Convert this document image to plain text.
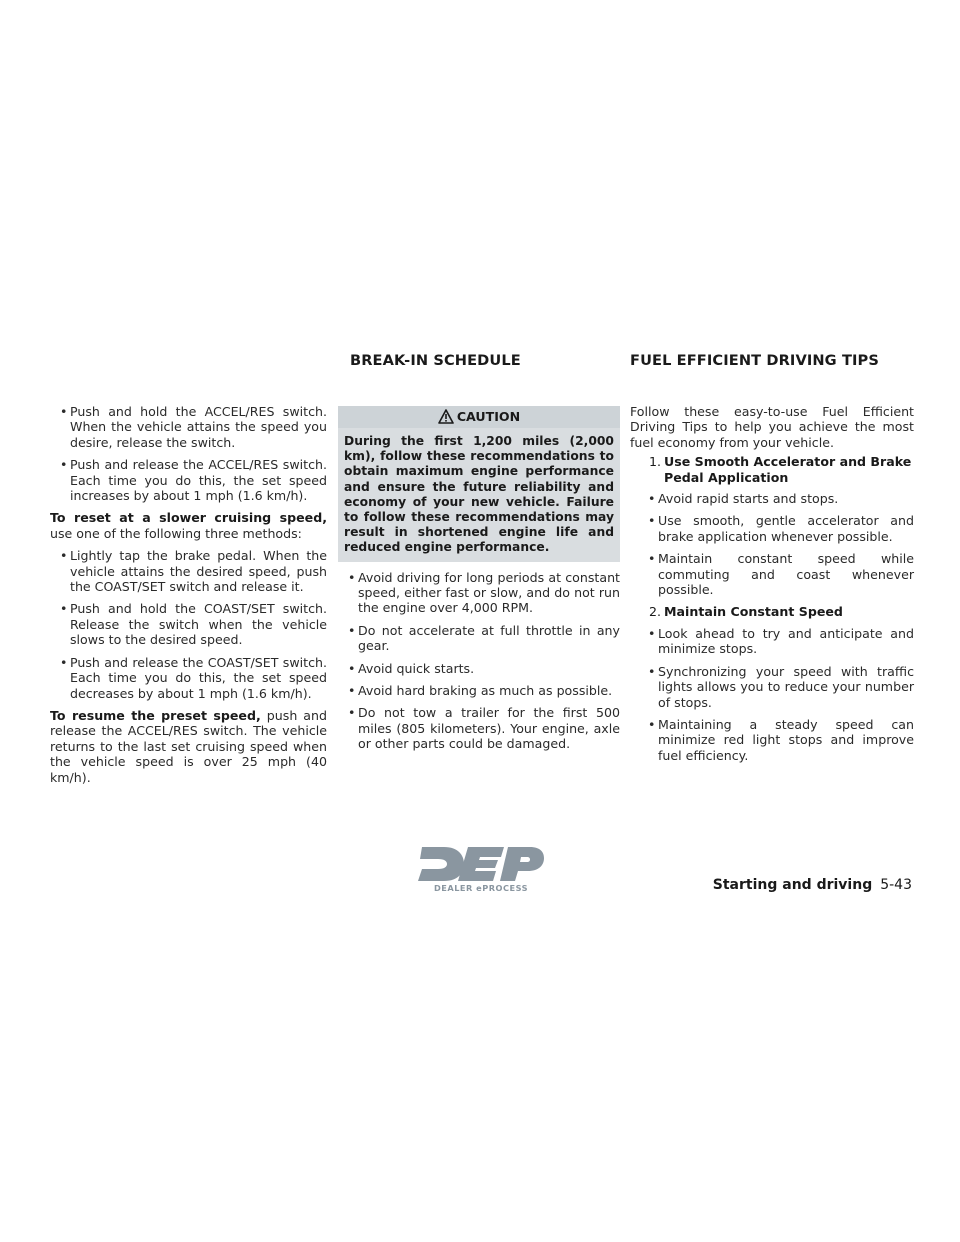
BREAK-IN SCHEDULE	FUEL EFFICIENT DRIVING TIPS
• Push and hold the ACCEL/RES switch. When the vehicle attains the speed you desire, release the switch.
• Push and release the ACCEL/RES switch. Each time you do this, the set speed increases by about 1 mph (1.6 km/h).

To reset at a slower cruising speed, use one of the following three methods:

• Lightly tap the brake pedal. When the vehicle attains the desired speed, push the COAST/SET switch and release it.
• Push and hold the COAST/SET switch. Release the switch when the vehicle slows to the desired speed.
• Push and release the COAST/SET switch. Each time you do this, the set speed decreases by about 1 mph (1.6 km/h).

To resume the preset speed, push and release the ACCEL/RES switch. The vehicle returns to the last set cruising speed when the vehicle speed is over 25 mph (40 km/h).

CAUTION
During the first 1,200 miles (2,000 km), follow these recommendations to obtain maximum engine performance and ensure the future reliability and economy of your new vehicle. Failure to follow these recommendations may result in shortened engine life and reduced engine performance.
• Avoid driving for long periods at constant speed, either fast or slow, and do not run the engine over 4,000 RPM.
• Do not accelerate at full throttle in any gear.
• Avoid quick starts.
• Avoid hard braking as much as possible.
• Do not tow a trailer for the first 500 miles (805 kilometers). Your engine, axle or other parts could be damaged.

Follow these easy-to-use Fuel Efficient Driving Tips to help you achieve the most fuel economy from your vehicle.

1. Use Smooth Accelerator and Brake Pedal Application
• Avoid rapid starts and stops.
• Use smooth, gentle accelerator and brake application whenever possible.
• Maintain constant speed while commuting and coast whenever possible.
2. Maintain Constant Speed
• Look ahead to try and anticipate and minimize stops.
• Synchronizing your speed with traffic lights allows you to reduce your number of stops.
• Maintaining a steady speed can minimize red light stops and improve fuel efficiency.
DEALER ePROCESS	Starting and driving 5-43
